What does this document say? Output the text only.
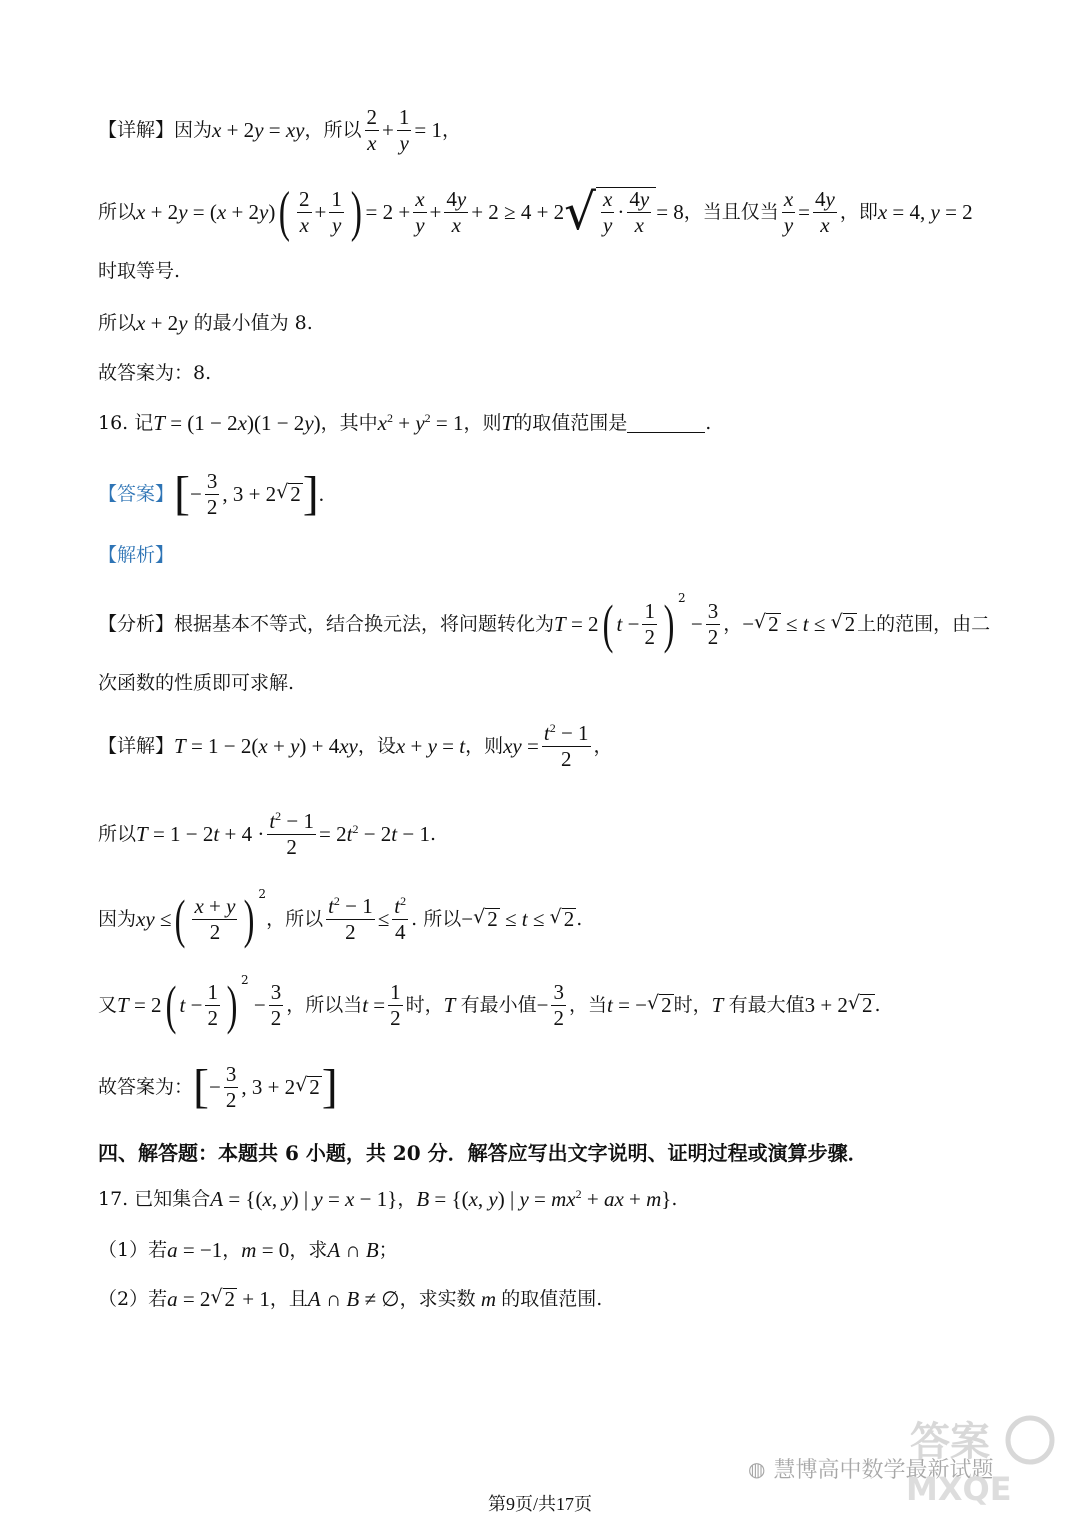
【详解】因为 x + 2y = xy ，所以 $\frac{2}{x} + \frac{1}{y} = 1$ ，
所以 x + 2y = (x + 2y) ( $\frac{2}{x} + \frac{1}{y}$ ) = $2 + \frac{x}{y} + \frac{4y}{x} + 2 \ge 4 + 2$ √ $\frac{x}{y} \cdot \frac{4y}{x} = 8$ ，当且仅当 $\frac{x}{y} = \frac{4y}{x}$ ，即 x = 4, y = 2
时取等号.
所以 x + 2y
的最小值为 8.
故答案为：8.
16. 记 T = (1 − 2x)(1 − 2y) ，其中 $x^2 + y^2 = 1$ ，则 T 的取值范围是	.
【答案】 [ − $\frac{3}{2}$ , 3 + 2 √ 2 ] .
【解析】
【分析】根据基本不等式，结合换元法，将问题转化为 T = 2 ( $t - \frac{1}{2}$ ) $^2$
− $\frac{3}{2}$ ， − √ 2 ≤ t ≤ √ 2 上的范围，由二
次函数的性质即可求解.
【详解】 T = 1 − 2(x + y) + 4xy ，设 x + y = t ，则 xy = $\frac{t^2 - 1}{2}$ ，
所以 $T = 1 - 2t + 4 \cdot \frac{t^2 - 1}{2} = 2t^2 - 2t - 1$ .
因为 xy ≤ ( $\frac{x + y}{2}$ ) $^2$
，所以 $\frac{t^2 - 1}{2} \le \frac{t^2}{4}$ . 所以 − √ 2 ≤ t ≤ √ 2 .
又 T = 2 ( $t - \frac{1}{2}$ ) $^2$
− $\frac{3}{2}$ ，所以当 $t = \frac{1}{2}$ 时， T 有最小值 − $\frac{3}{2}$ ，当 t = − √ 2 时， T 有最大值 3 + 2 √ 2 .
故答案为： [ − $\frac{3}{2}$ , 3 + 2 √ 2 ]
四、解答题：本题共 6 小题，共 20 分．解答应写出文字说明、证明过程或演算步骤．
17. 已知集合 A = {(x, y) | y = x − 1} ， B = {(x, y) | $y = mx^2$ + ax + m} .
（1）若 a = −1 ， m = 0 ，求 A ∩ B ；
（2）若 a = 2 √ 2 + 1 ，且 A ∩ B ≠ ∅ ，求实数 m 的取值范围.
◍ 慧博高中数学最新试题
答案
MXQE
第9页/共17页
